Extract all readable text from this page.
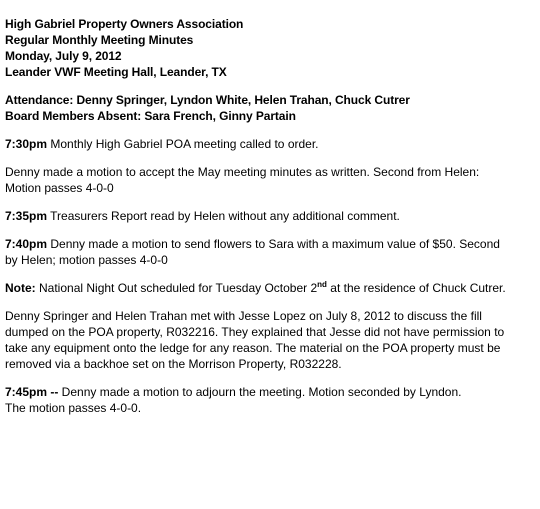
High Gabriel Property Owners Association
Regular Monthly Meeting Minutes
Monday, July 9, 2012
Leander VWF Meeting Hall, Leander, TX
Attendance: Denny Springer, Lyndon White, Helen Trahan, Chuck Cutrer
Board Members Absent: Sara French, Ginny Partain
7:30pm Monthly High Gabriel POA meeting called to order.
Denny made a motion to accept the May meeting minutes as written. Second from Helen:
Motion passes 4-0-0
7:35pm Treasurers Report read by Helen without any additional comment.
7:40pm Denny made a motion to send flowers to Sara with a maximum value of $50. Second
by Helen; motion passes 4-0-0
Note: National Night Out scheduled for Tuesday October 2nd at the residence of Chuck Cutrer.
Denny Springer and Helen Trahan met with Jesse Lopez on July 8, 2012 to discuss the fill
dumped on the POA property, R032216. They explained that Jesse did not have permission to
take any equipment onto the ledge for any reason. The material on the POA property must be
removed via a backhoe set on the Morrison Property, R032228.
7:45pm -- Denny made a motion to adjourn the meeting. Motion seconded by Lyndon.
The motion passes 4-0-0.
